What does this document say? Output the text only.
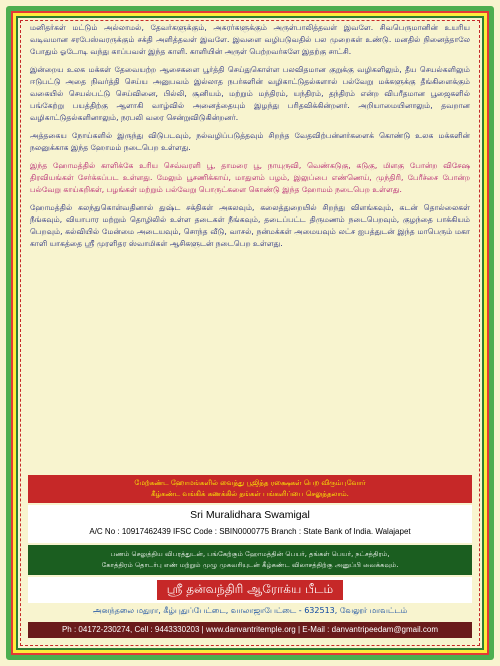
மனிதர்கள் மட்டும் அல்லாமல், தேவர்களுக்கும், அசுரர்களுக்கும் அருள்பாலித்தவள் இவளே. சிவபெருமானின் உயரிய வடிவமான சரபேஸ்வரருக்கும் சக்தி அளித்தவள் இவளே. இவளை வழிபடுவதில் பல முறைகள் உண்டு. மனதில் நினைத்தாலே போதும் ஓடோடி வந்து காப்பவள் இந்த காளி. காளியின் அருள் பெற்றவர்களே இதற்கு சாட்சி.

இன்றைய உலக மக்கள் தேவையற்ற ஆசைகளை பூர்த்தி செய்துகொள்ள பலவிதமான குறுக்கு வழிகளிலும், தீய செயல்களிலும் ஈடுபட்டு அதை நிவர்த்தி செய்ய அனுபவம் இல்லாத நபர்களின் வழிகாட்டுதல்களால் பல்வேறு மக்களுக்கு தீங்கிளைக்கும் வகையில் செயல்பட்டு செய்வினை, பில்லி, சூனியம், மற்றும் மந்திரம், யந்திரம், தந்திரம் என்ற விபரீதமான பூஜைகளில் பங்கேற்று பயத்திற்கு ஆளாகி வாழ்வில் அனைத்தையும் இழந்து பரிதவிக்கின்றனர். அறியாமையினாலும், தவறான வழிகாட்டுதல்களினாலும், நரபலி வரை சென்றுவிடுகின்றனர்.

அத்தகைய நோய்களில் இருந்து விடுபடவும், நல்வழிப்படுத்தவும் சிறந்த வேதவிற்பன்னர்களைக் கொண்டு உலக மக்களின் நலனுக்காக இந்த ஹோமம் நடைபெற உள்ளது.

இந்த ஹோமத்தில் காளிக்கே உரிய செவ்வரளி பூ, தாமரை பூ, நாயுருவி, வெண்கடுகு, கடுகு, மிளகு போன்ற விசேஷ திரவியங்கள் சேர்க்கப்பட உள்ளது. மேலும் பூசணிக்காய், மாதுளம் பழம், இலுப்பை எண்ணெய், முந்திரி, பேரீச்சை போன்ற பல்வேறு காய்கறிகள், பழங்கள் மற்றும் பல்வேறு பொருட்களை கொண்டு இந்த ஹோமம் நடைபெற உள்ளது.

ஹோமத்தில் கலந்துகொள்வதினால் துஷ்ட சக்திகள் அகலவும், கலைத்துறையில் சிறந்து விளங்கவும், கடன் தொல்லைகள் நீங்கவும், வியாபார மற்றும் தொழிலில் உள்ள தடைகள் நீங்கவும், தடைப்பட்ட திருமணம் நடைபெறவும், குழந்தை பாக்கியம் பெறவும், கல்வியில் மேன்மை அடையவும், சொந்த வீடு, வாசல், நன்மக்கள் அமையவும் லட்ச ஐபத்துடன் இந்த மாபெரும் மகா காளி யாகத்தை ஸ்ரீ முரளிதர ஸ்வாமிகள் ஆசிகளுடன் நடைபெற உள்ளது.

மேற்கண்ட ஹோமங்களில் வைத்து பூஜித்த ரக்ஷைகள் பெற விரும்புவோர்
கீழ்கண்ட வங்கிக் கணக்கில் தங்கள் பங்களிப்பை செலுத்தலாம்.
Sri Muralidhara Swamigal
A/C No : 10917462439 IFSC Code : SBIN0000775 Branch : State Bank of India. Walajapet
பணம் செலுத்திய விபரத்துடன், பங்கேற்கும் ஹோமத்தின் பெயர், தங்கள் பெயர், நட்சத்திரம்,
கோத்திரம் தொடர்பு எண் மற்றும் முழு முகவரியுடன் கீழ்கண்ட விலாசத்திற்கு அனுப்பி வைக்கவும்.
ஸ்ரீ தன்வந்திரி ஆரோக்ய பீடம்
அனந்தலை மதுரா, கீழ்புதுப்பேட்டை, வாலாஜாபேட்டை - 632513, வேலூர் மாவட்டம்
Ph : 04172-230274, Cell : 9443330203 | www.danvantritemple.org | E-Mail : danvantripeedam@gmail.com
